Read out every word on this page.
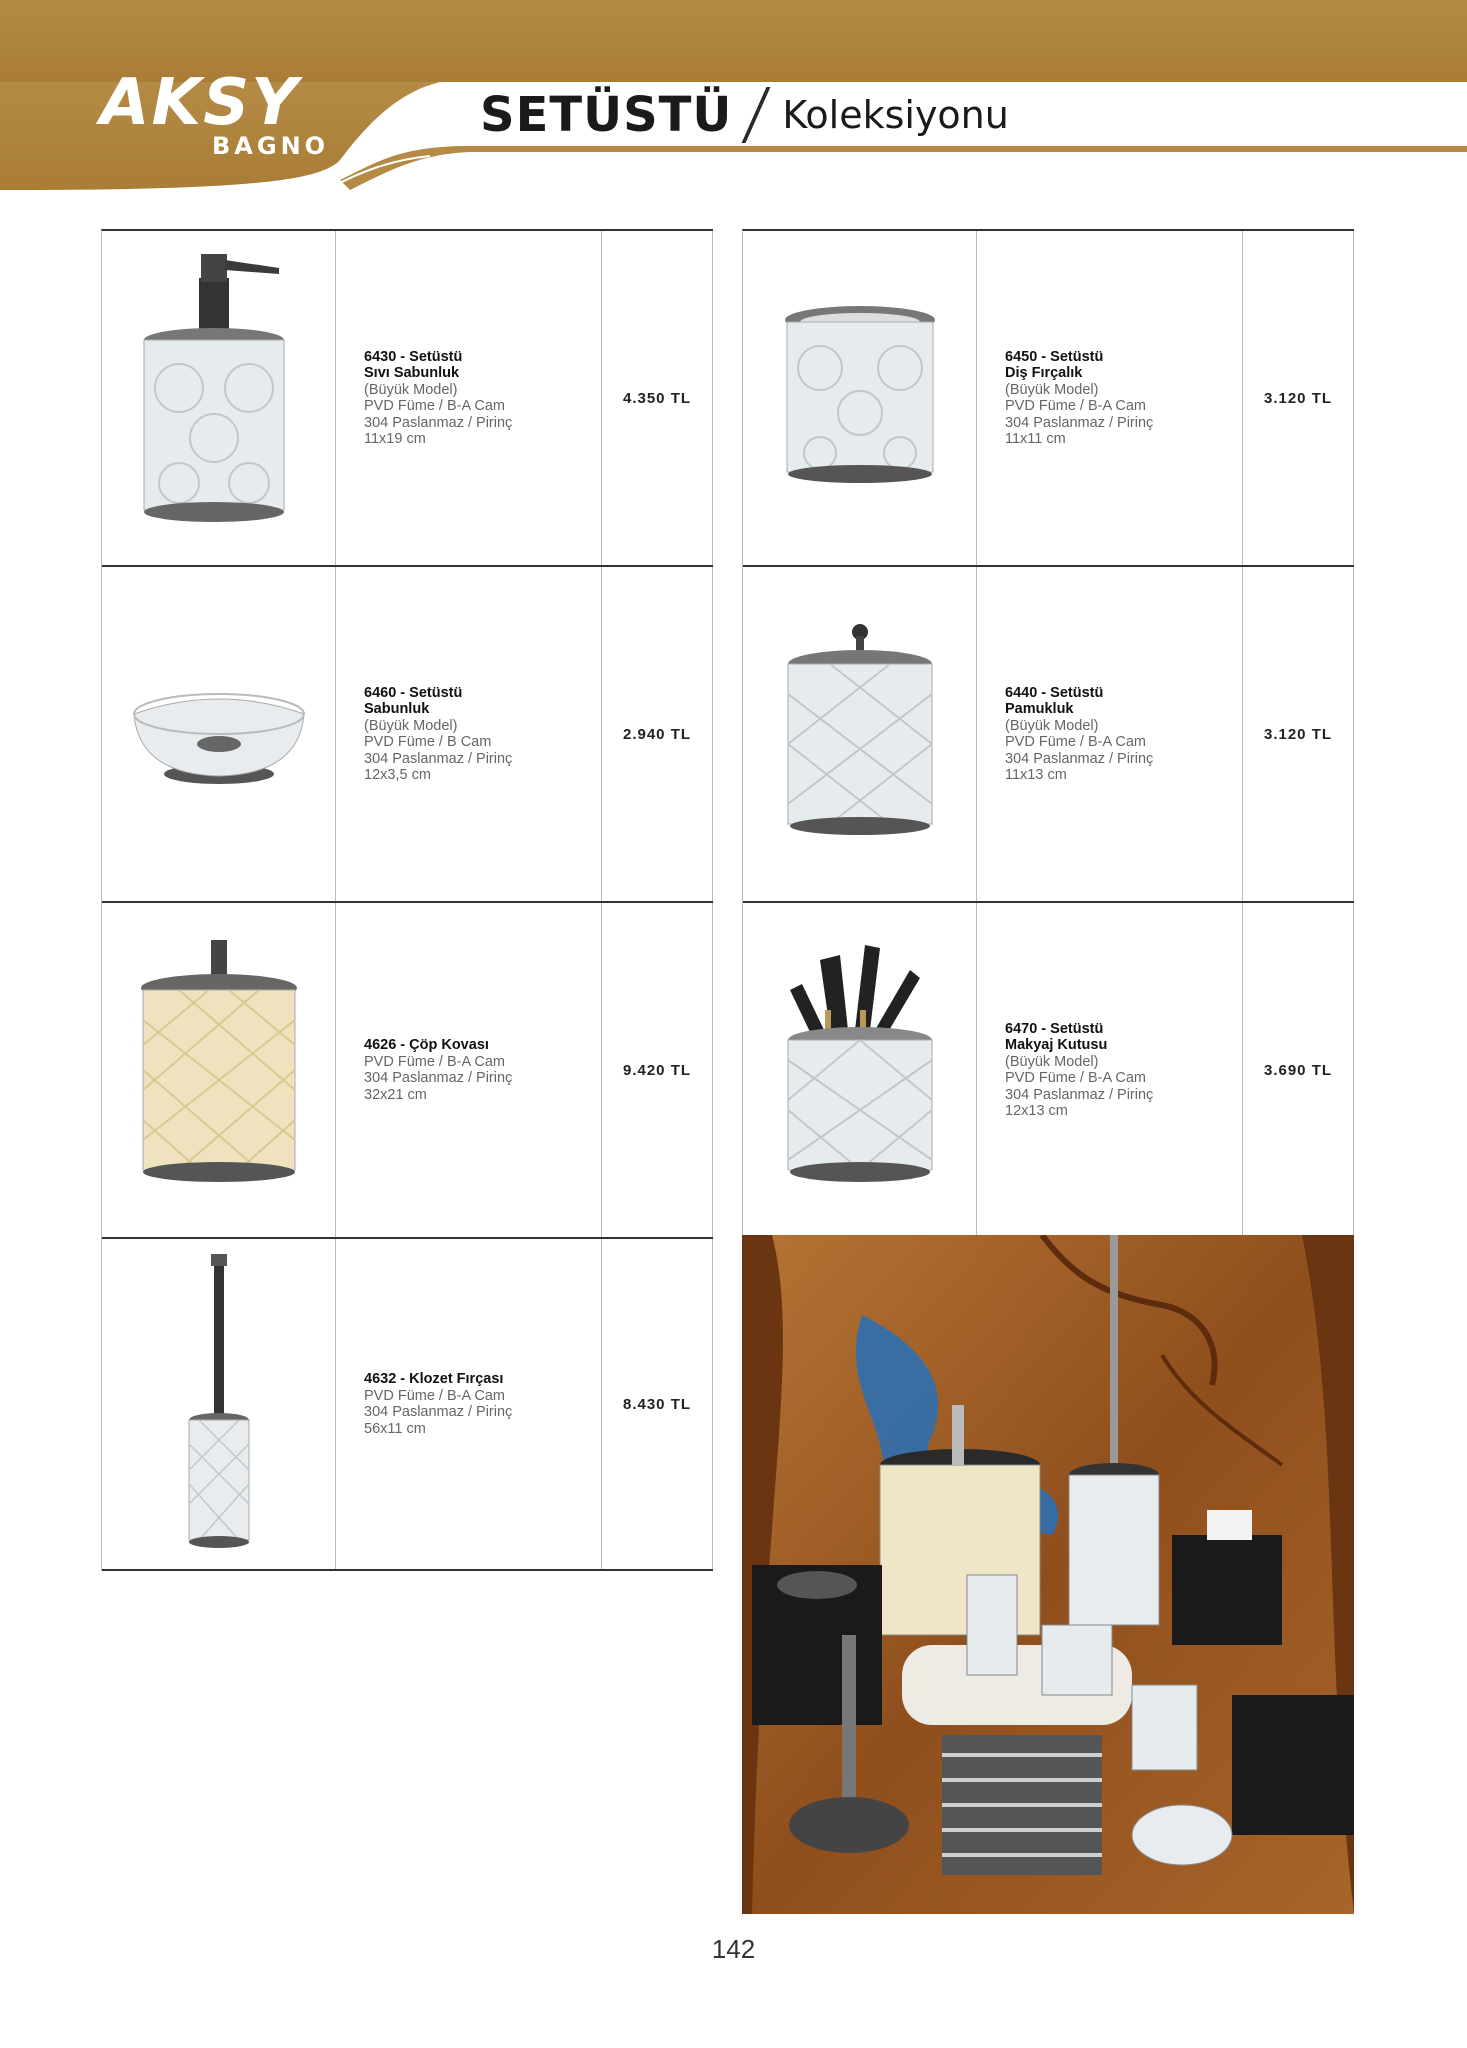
AKSY
BAGNO
SETÜSTÜ Koleksiyonu
6430 - Setüstü
Sıvı Sabunluk
(Büyük Model)
PVD Füme / B-A Cam
304 Paslanmaz / Pirinç
11x19 cm
4.350 TL
6460 - Setüstü
Sabunluk
(Büyük Model)
PVD Füme / B Cam
304 Paslanmaz / Pirinç
12x3,5 cm
2.940 TL
4626 - Çöp Kovası
PVD Füme / B-A Cam
304 Paslanmaz / Pirinç
32x21 cm
9.420 TL
4632 - Klozet Fırçası
PVD Füme / B-A Cam
304 Paslanmaz / Pirinç
56x11 cm
8.430 TL
6450 - Setüstü
Diş Fırçalık
(Büyük Model)
PVD Füme / B-A Cam
304 Paslanmaz / Pirinç
11x11 cm
3.120 TL
6440 - Setüstü
Pamukluk
(Büyük Model)
PVD Füme / B-A Cam
304 Paslanmaz / Pirinç
11x13 cm
3.120 TL
6470 - Setüstü
Makyaj Kutusu
(Büyük Model)
PVD Füme / B-A Cam
304 Paslanmaz / Pirinç
12x13 cm
3.690 TL
142
